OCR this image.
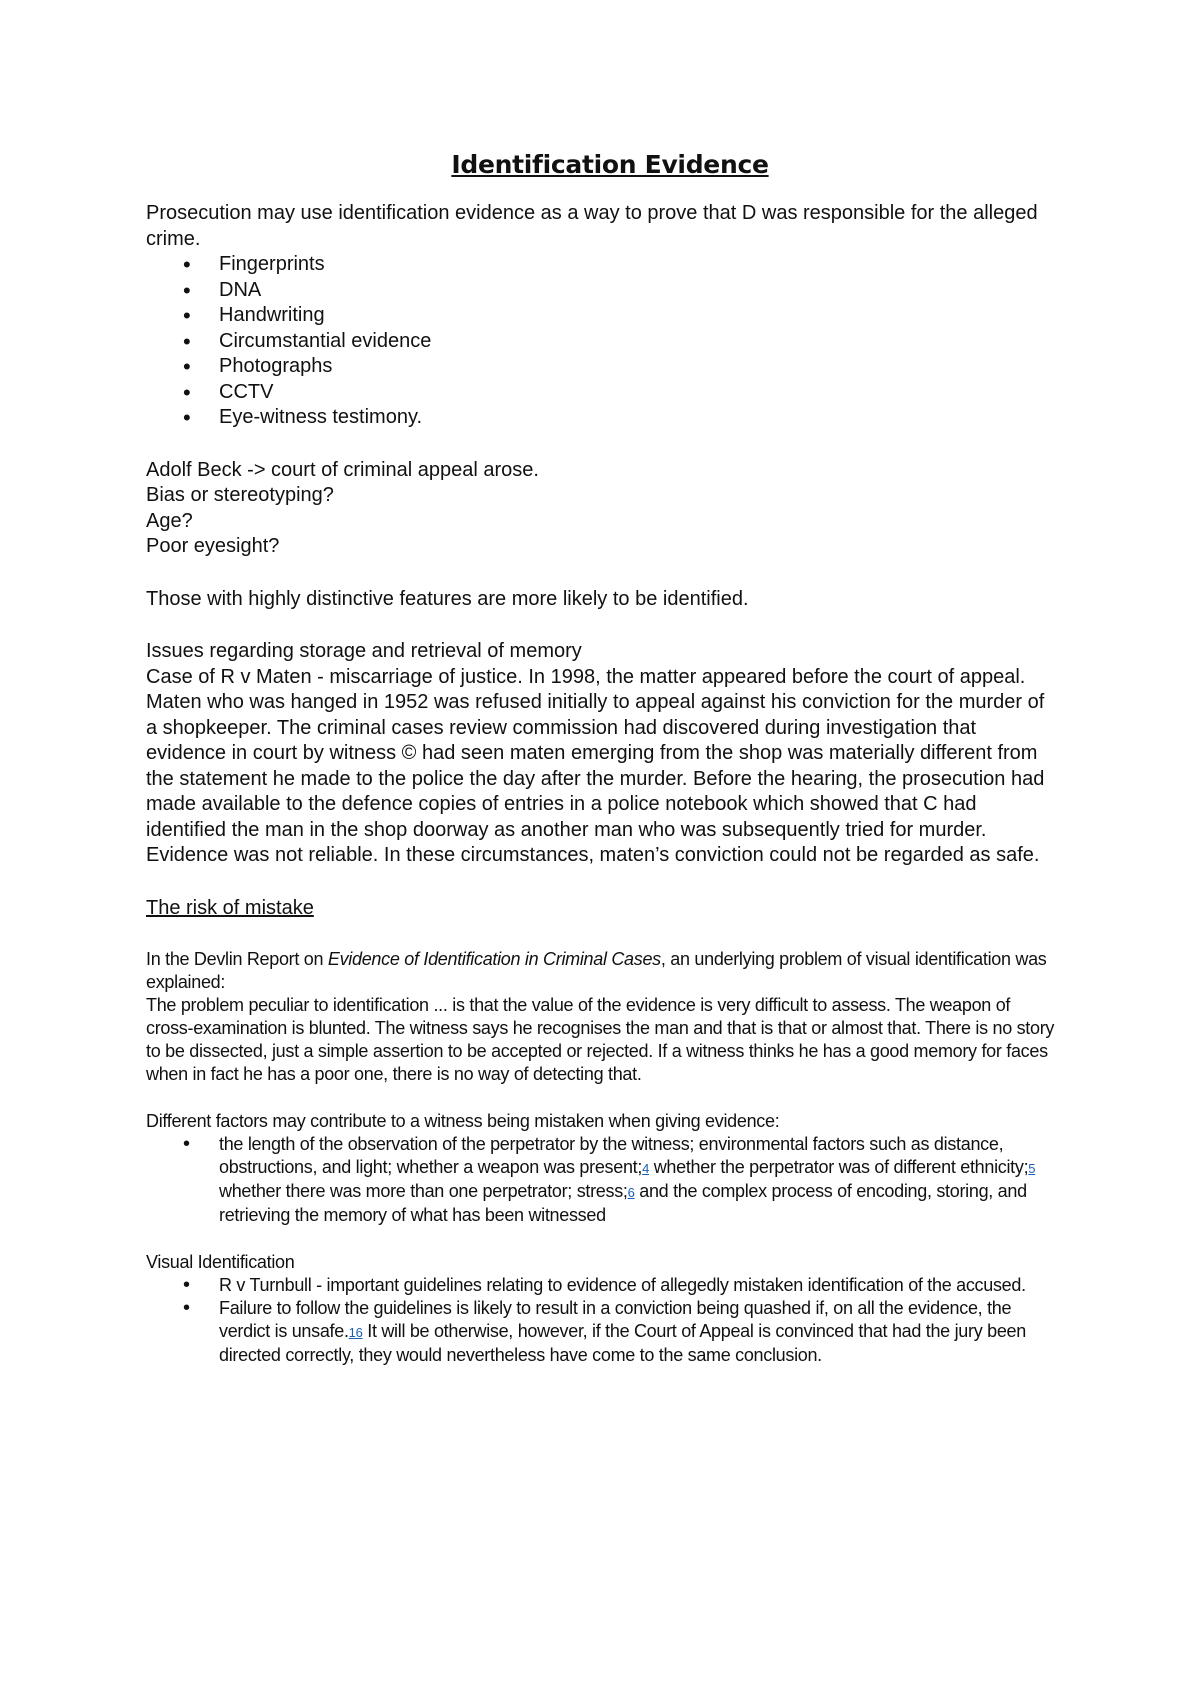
Identification Evidence

Prosecution may use identification evidence as a way to prove that D was responsible for the alleged crime.

• Fingerprints
• DNA
• Handwriting
• Circumstantial evidence
• Photographs
• CCTV
• Eye-witness testimony.

Adolf Beck -> court of criminal appeal arose.

Bias or stereotyping?

Age?

Poor eyesight?

Those with highly distinctive features are more likely to be identified.

Issues regarding storage and retrieval of memory

Case of R v Maten - miscarriage of justice. In 1998, the matter appeared before the court of appeal. Maten who was hanged in 1952 was refused initially to appeal against his conviction for the murder of a shopkeeper. The criminal cases review commission had discovered during investigation that evidence in court by witness © had seen maten emerging from the shop was materially different from the statement he made to the police the day after the murder. Before the hearing, the prosecution had made available to the defence copies of entries in a police notebook which showed that C had identified the man in the shop doorway as another man who was subsequently tried for murder. Evidence was not reliable. In these circumstances, maten’s conviction could not be regarded as safe.

The risk of mistake

In the Devlin Report on Evidence of Identification in Criminal Cases, an underlying problem of visual identification was explained:

The problem peculiar to identification ... is that the value of the evidence is very difficult to assess. The weapon of cross-examination is blunted. The witness says he recognises the man and that is that or almost that. There is no story to be dissected, just a simple assertion to be accepted or rejected. If a witness thinks he has a good memory for faces when in fact he has a poor one, there is no way of detecting that.

Different factors may contribute to a witness being mistaken when giving evidence:

• the length of the observation of the perpetrator by the witness; environmental factors such as distance, obstructions, and light; whether a weapon was present;4 whether the perpetrator was of different ethnicity;5 whether there was more than one perpetrator; stress;6 and the complex process of encoding, storing, and retrieving the memory of what has been witnessed

Visual Identification

• R v Turnbull - important guidelines relating to evidence of allegedly mistaken identification of the accused.
• Failure to follow the guidelines is likely to result in a conviction being quashed if, on all the evidence, the verdict is unsafe.16 It will be otherwise, however, if the Court of Appeal is convinced that had the jury been directed correctly, they would nevertheless have come to the same conclusion.
